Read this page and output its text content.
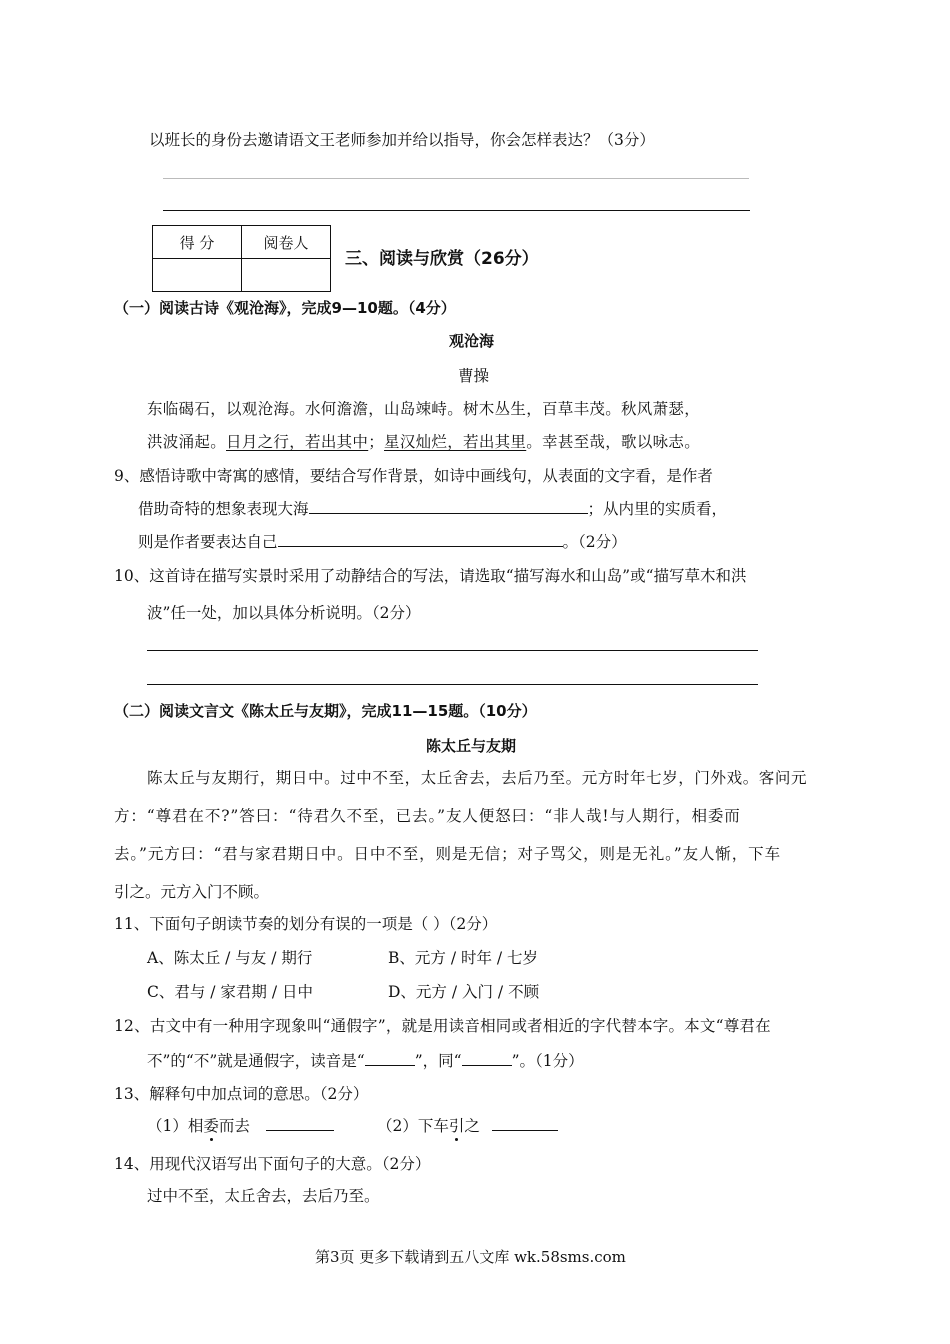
以班长的身份去邀请语文王老师参加并给以指导，你会怎样表达？（3分）
得 分	阅卷人

三、阅读与欣赏（26分）
（一）阅读古诗《观沧海》，完成9—10题。（4分）
观沧海
曹操
东临碣石，以观沧海。水何澹澹，山岛竦峙。树木丛生，百草丰茂。秋风萧瑟，
洪波涌起。日月之行，若出其中；星汉灿烂，若出其里。幸甚至哉，歌以咏志。
9、感悟诗歌中寄寓的感情，要结合写作背景，如诗中画线句，从表面的文字看，是作者
借助奇特的想象表现大海	；从内里的实质看，
则是作者要表达自己	。（2分）
10、这首诗在描写实景时采用了动静结合的写法，请选取“描写海水和山岛”或“描写草木和洪
波”任一处，加以具体分析说明。（2分）
（二）阅读文言文《陈太丘与友期》，完成11—15题。（10分）
陈太丘与友期
陈太丘与友期行，期日中。过中不至，太丘舍去，去后乃至。元方时年七岁，门外戏。客问元
方：“尊君在不?”答曰：“待君久不至，已去。”友人便怒曰：“非人哉!与人期行，相委而
去。”元方曰：“君与家君期日中。日中不至，则是无信；对子骂父，则是无礼。”友人惭，下车
引之。元方入门不顾。
11、下面句子朗读节奏的划分有误的一项是（ ）（2分）
A、陈太丘 / 与友 / 期行	B、元方 / 时年 / 七岁
C、君与 / 家君期 / 日中	D、元方 / 入门 / 不顾
12、古文中有一种用字现象叫“通假字”，就是用读音相同或者相近的字代替本字。本文“尊君在
不”的“不”就是通假字，读音是“	”，同“	”。（1分）
13、解释句中加点词的意思。（2分）
（1）相委而去	（2）下车引之
14、用现代汉语写出下面句子的大意。（2分）
过中不至，太丘舍去，去后乃至。
第3页 更多下载请到五八文库 wk.58sms.com
